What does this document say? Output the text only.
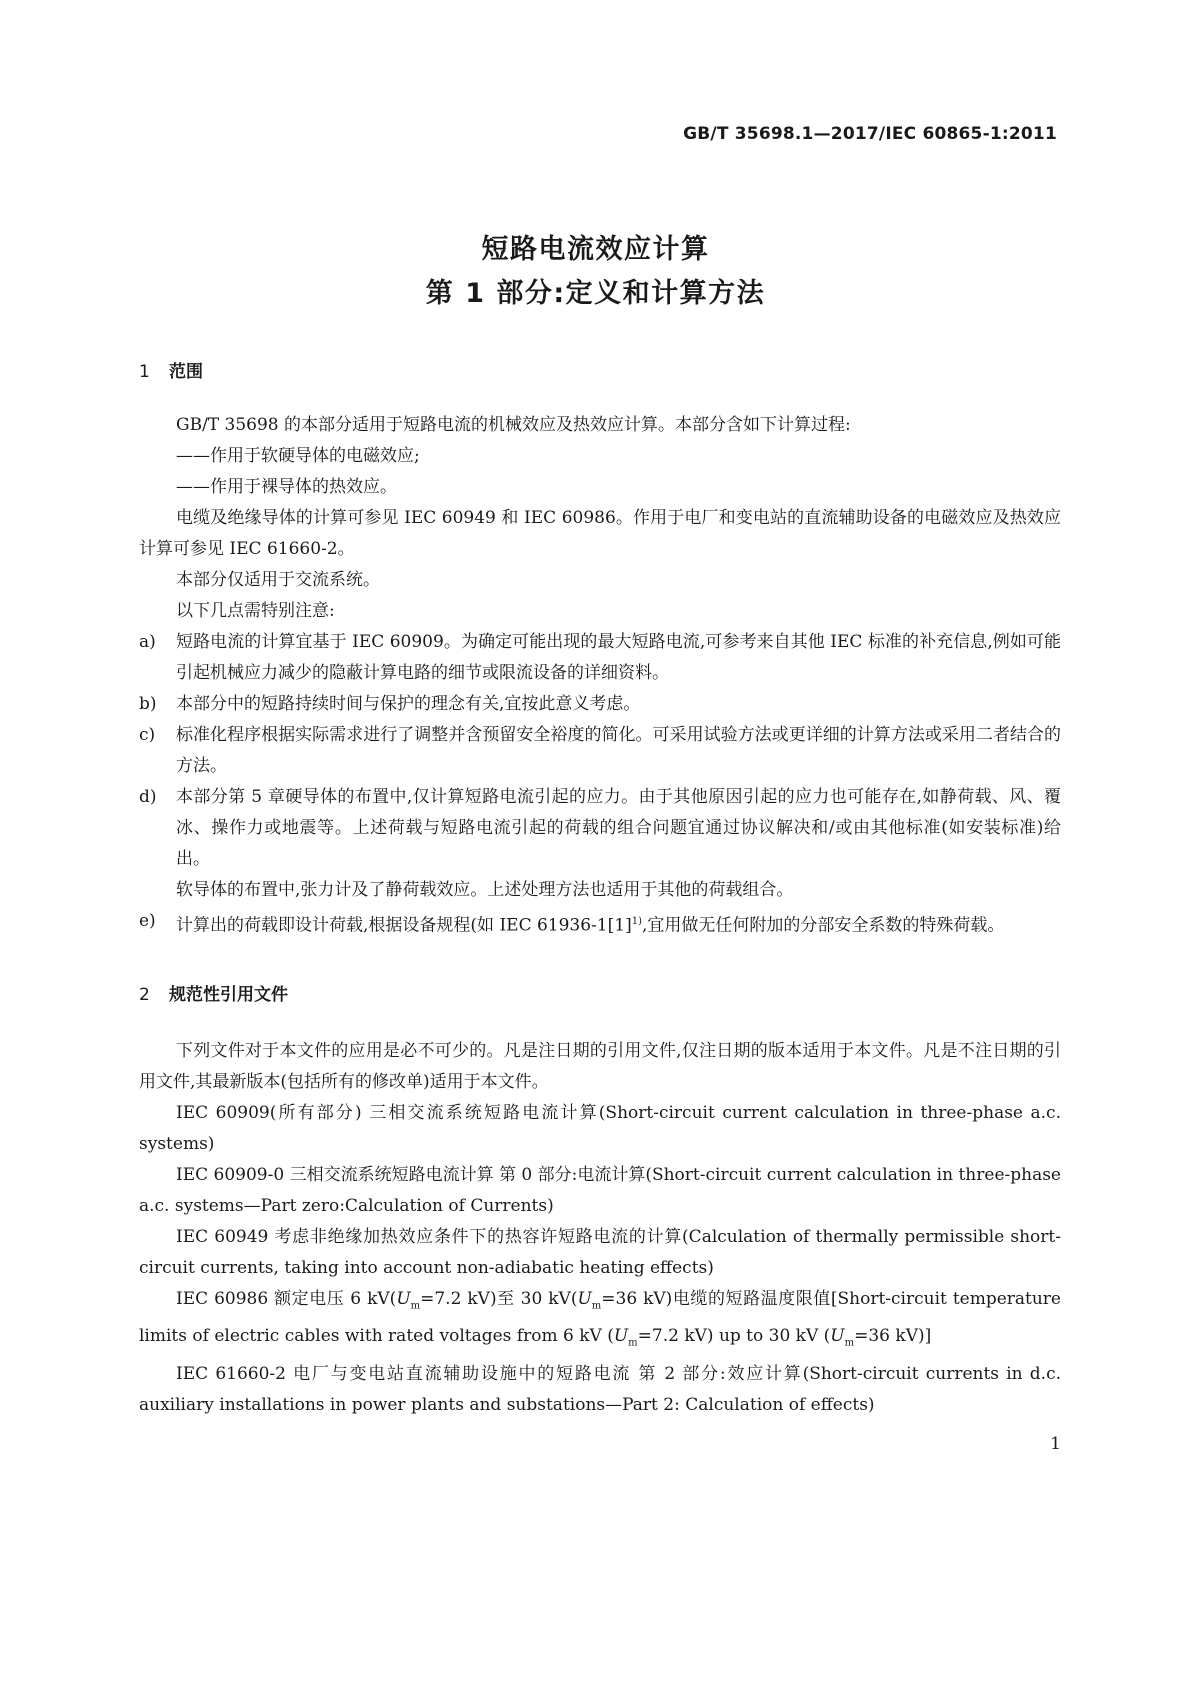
GB/T 35698.1—2017/IEC 60865-1:2011
短路电流效应计算
第 1 部分:定义和计算方法
1 范围

GB/T 35698 的本部分适用于短路电流的机械效应及热效应计算。本部分含如下计算过程:

——作用于软硬导体的电磁效应;

——作用于裸导体的热效应。

电缆及绝缘导体的计算可参见 IEC 60949 和 IEC 60986。作用于电厂和变电站的直流辅助设备的电磁效应及热效应计算可参见 IEC 61660-2。

本部分仅适用于交流系统。

以下几点需特别注意:

a)	短路电流的计算宜基于 IEC 60909。为确定可能出现的最大短路电流,可参考来自其他 IEC 标准的补充信息,例如可能引起机械应力减少的隐蔽计算电路的细节或限流设备的详细资料。
b)	本部分中的短路持续时间与保护的理念有关,宜按此意义考虑。
c)	标准化程序根据实际需求进行了调整并含预留安全裕度的简化。可采用试验方法或更详细的计算方法或采用二者结合的方法。
d)	本部分第 5 章硬导体的布置中,仅计算短路电流引起的应力。由于其他原因引起的应力也可能存在,如静荷载、风、覆冰、操作力或地震等。上述荷载与短路电流引起的荷载的组合问题宜通过协议解决和/或由其他标准(如安装标准)给出。

软导体的布置中,张力计及了静荷载效应。上述处理方法也适用于其他的荷载组合。

e)	计算出的荷载即设计荷载,根据设备规程(如 IEC $61936-1[1]^{1)}$,宜用做无任何附加的分部安全系数的特殊荷载。
2 规范性引用文件

下列文件对于本文件的应用是必不可少的。凡是注日期的引用文件,仅注日期的版本适用于本文件。凡是不注日期的引用文件,其最新版本(包括所有的修改单)适用于本文件。

IEC 60909(所有部分) 三相交流系统短路电流计算(Short-circuit current calculation in three-phase a.c. systems)

IEC 60909-0 三相交流系统短路电流计算 第 0 部分:电流计算(Short-circuit current calculation in three-phase a.c. systems—Part zero:Calculation of Currents)

IEC 60949 考虑非绝缘加热效应条件下的热容许短路电流的计算(Calculation of thermally permissible short-circuit currents, taking into account non-adiabatic heating effects)

IEC 60986 额定电压 6 $kV(U_m=7.2$ kV)至 30 $kV(U_m=36$ kV)电缆的短路温度限值[Short-circuit temperature limits of electric cables with rated voltages from 6 kV ($U_m=7.2$ kV) up to 30 kV ($U_m=36$ kV)]

IEC 61660-2 电厂与变电站直流辅助设施中的短路电流 第 2 部分:效应计算(Short-circuit currents in d.c. auxiliary installations in power plants and substations—Part 2: Calculation of effects)

1
